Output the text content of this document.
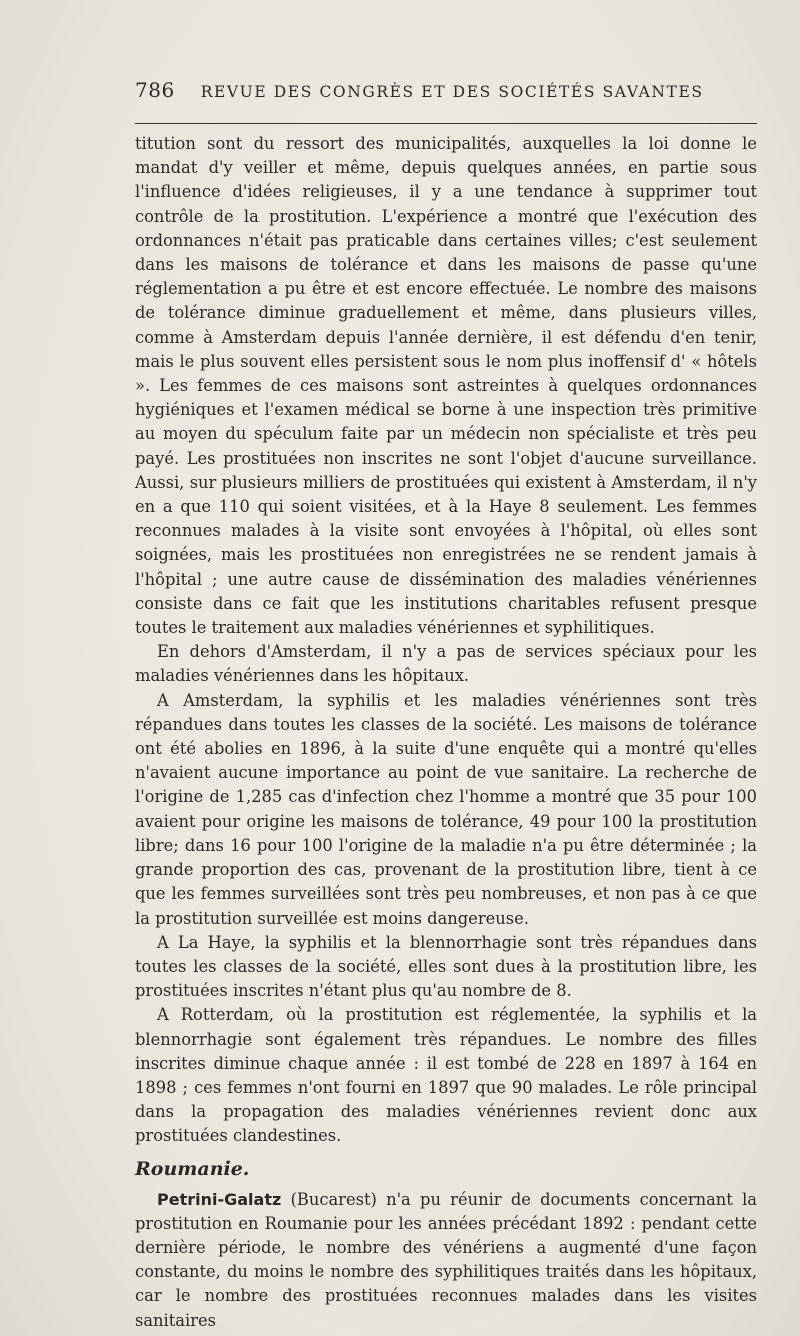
786 REVUE DES CONGRÈS ET DES SOCIÉTÉS SAVANTES

titution sont du ressort des municipalités, auxquelles la loi donne le mandat d'y veiller et même, depuis quelques années, en partie sous l'influence d'idées religieuses, il y a une tendance à supprimer tout contrôle de la prostitution. L'expérience a montré que l'exécution des ordonnances n'était pas praticable dans certaines villes; c'est seulement dans les maisons de tolérance et dans les maisons de passe qu'une réglementation a pu être et est encore effectuée. Le nombre des maisons de tolérance diminue graduellement et même, dans plusieurs villes, comme à Amsterdam depuis l'année dernière, il est défendu d'en tenir, mais le plus souvent elles persistent sous le nom plus inoffensif d' « hôtels ». Les femmes de ces maisons sont astreintes à quelques ordonnances hygiéniques et l'examen médical se borne à une inspection très primitive au moyen du spéculum faite par un médecin non spécialiste et très peu payé. Les prostituées non inscrites ne sont l'objet d'aucune surveillance. Aussi, sur plusieurs milliers de prostituées qui existent à Amsterdam, il n'y en a que 110 qui soient visitées, et à la Haye 8 seulement. Les femmes reconnues malades à la visite sont envoyées à l'hôpital, où elles sont soignées, mais les prostituées non enregistrées ne se rendent jamais à l'hôpital ; une autre cause de dissémination des maladies vénériennes consiste dans ce fait que les institutions charitables refusent presque toutes le traitement aux maladies vénériennes et syphilitiques.

En dehors d'Amsterdam, il n'y a pas de services spéciaux pour les maladies vénériennes dans les hôpitaux.

A Amsterdam, la syphilis et les maladies vénériennes sont très répandues dans toutes les classes de la société. Les maisons de tolérance ont été abolies en 1896, à la suite d'une enquête qui a montré qu'elles n'avaient aucune importance au point de vue sanitaire. La recherche de l'origine de 1,285 cas d'infection chez l'homme a montré que 35 pour 100 avaient pour origine les maisons de tolérance, 49 pour 100 la prostitution libre; dans 16 pour 100 l'origine de la maladie n'a pu être déterminée ; la grande proportion des cas, provenant de la prostitution libre, tient à ce que les femmes surveillées sont très peu nombreuses, et non pas à ce que la prostitution surveillée est moins dangereuse.

A La Haye, la syphilis et la blennorrhagie sont très répandues dans toutes les classes de la société, elles sont dues à la prostitution libre, les prostituées inscrites n'étant plus qu'au nombre de 8.

A Rotterdam, où la prostitution est réglementée, la syphilis et la blennorrhagie sont également très répandues. Le nombre des filles inscrites diminue chaque année : il est tombé de 228 en 1897 à 164 en 1898 ; ces femmes n'ont fourni en 1897 que 90 malades. Le rôle principal dans la propagation des maladies vénériennes revient donc aux prostituées clandestines.

Roumanie.

Petrini-Galatz (Bucarest) n'a pu réunir de documents concernant la prostitution en Roumanie pour les années précédant 1892 : pendant cette dernière période, le nombre des vénériens a augmenté d'une façon constante, du moins le nombre des syphilitiques traités dans les hôpitaux, car le nombre des prostituées reconnues malades dans les visites sanitaires
